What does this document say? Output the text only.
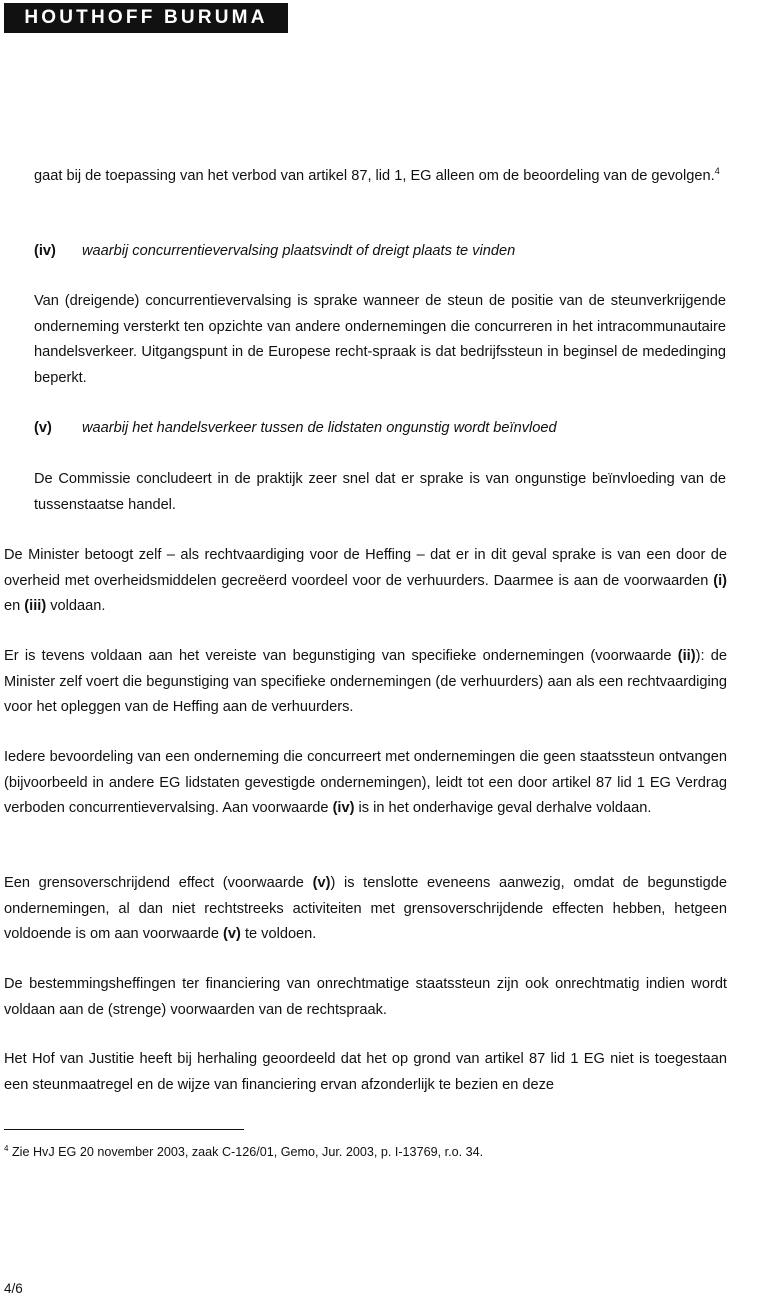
HOUTHOFF BURUMA

gaat bij de toepassing van het verbod van artikel 87, lid 1, EG alleen om de beoordeling van de gevolgen.$^4$

(iv) waarbij concurrentievervalsing plaatsvindt of dreigt plaats te vinden

Van (dreigende) concurrentievervalsing is sprake wanneer de steun de positie van de steunverkrijgende onderneming versterkt ten opzichte van andere ondernemingen die concurreren in het intracommunautaire handelsverkeer. Uitgangspunt in de Europese recht-spraak is dat bedrijfssteun in beginsel de mededinging beperkt.

(v) waarbij het handelsverkeer tussen de lidstaten ongunstig wordt beïnvloed

De Commissie concludeert in de praktijk zeer snel dat er sprake is van ongunstige beïnvloeding van de tussenstaatse handel.

De Minister betoogt zelf – als rechtvaardiging voor de Heffing – dat er in dit geval sprake is van een door de overheid met overheidsmiddelen gecreëerd voordeel voor de verhuurders. Daarmee is aan de voorwaarden (i) en (iii) voldaan.

Er is tevens voldaan aan het vereiste van begunstiging van specifieke ondernemingen (voorwaarde (ii)): de Minister zelf voert die begunstiging van specifieke ondernemingen (de verhuurders) aan als een rechtvaardiging voor het opleggen van de Heffing aan de verhuurders.

Iedere bevoordeling van een onderneming die concurreert met ondernemingen die geen staatssteun ontvangen (bijvoorbeeld in andere EG lidstaten gevestigde ondernemingen), leidt tot een door artikel 87 lid 1 EG Verdrag verboden concurrentievervalsing. Aan voorwaarde (iv) is in het onderhavige geval derhalve voldaan.

Een grensoverschrijdend effect (voorwaarde (v)) is tenslotte eveneens aanwezig, omdat de begunstigde ondernemingen, al dan niet rechtstreeks activiteiten met grensoverschrijdende effecten hebben, hetgeen voldoende is om aan voorwaarde (v) te voldoen.

De bestemmingsheffingen ter financiering van onrechtmatige staatssteun zijn ook onrechtmatig indien wordt voldaan aan de (strenge) voorwaarden van de rechtspraak.

Het Hof van Justitie heeft bij herhaling geoordeeld dat het op grond van artikel 87 lid 1 EG niet is toegestaan een steunmaatregel en de wijze van financiering ervan afzonderlijk te bezien en deze

$^4$ Zie HvJ EG 20 november 2003, zaak C-126/01, Gemo, Jur. 2003, p. I-13769, r.o. 34.

4/6
